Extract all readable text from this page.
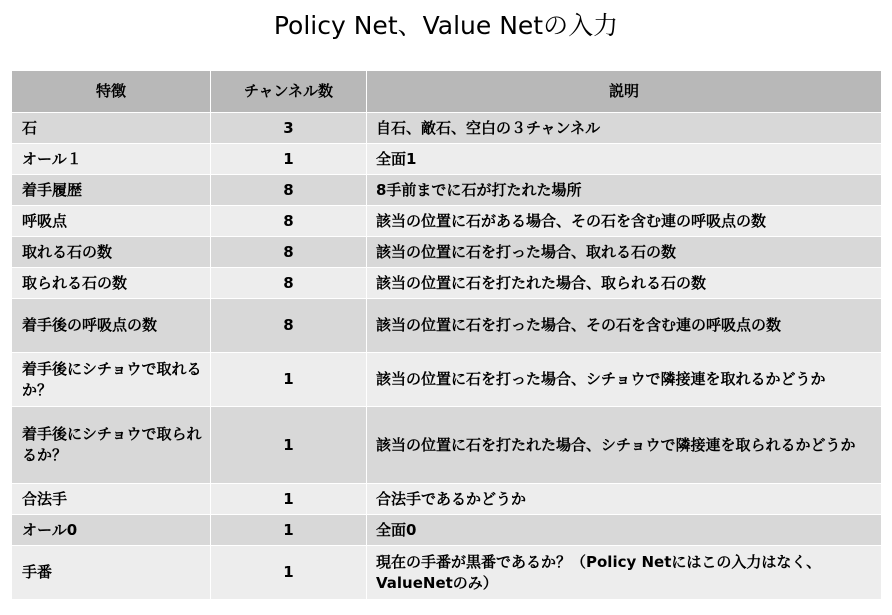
Policy Net、Value Netの入力
特徴	チャンネル数	説明
石	3	自石、敵石、空白の３チャンネル
オール１	1	全面1
着手履歴	8	8手前までに石が打たれた場所
呼吸点	8	該当の位置に石がある場合、その石を含む連の呼吸点の数
取れる石の数	8	該当の位置に石を打った場合、取れる石の数
取られる石の数	8	該当の位置に石を打たれた場合、取られる石の数
着手後の呼吸点の数	8	該当の位置に石を打った場合、その石を含む連の呼吸点の数
着手後にシチョウで取れるか？	1	該当の位置に石を打った場合、シチョウで隣接連を取れるかどうか
着手後にシチョウで取られるか？	1	該当の位置に石を打たれた場合、シチョウで隣接連を取られるかどうか
合法手	1	合法手であるかどうか
オール0	1	全面0
手番	1	現在の手番が黒番であるか？（Policy Netにはこの入力はなく、ValueNetのみ）
